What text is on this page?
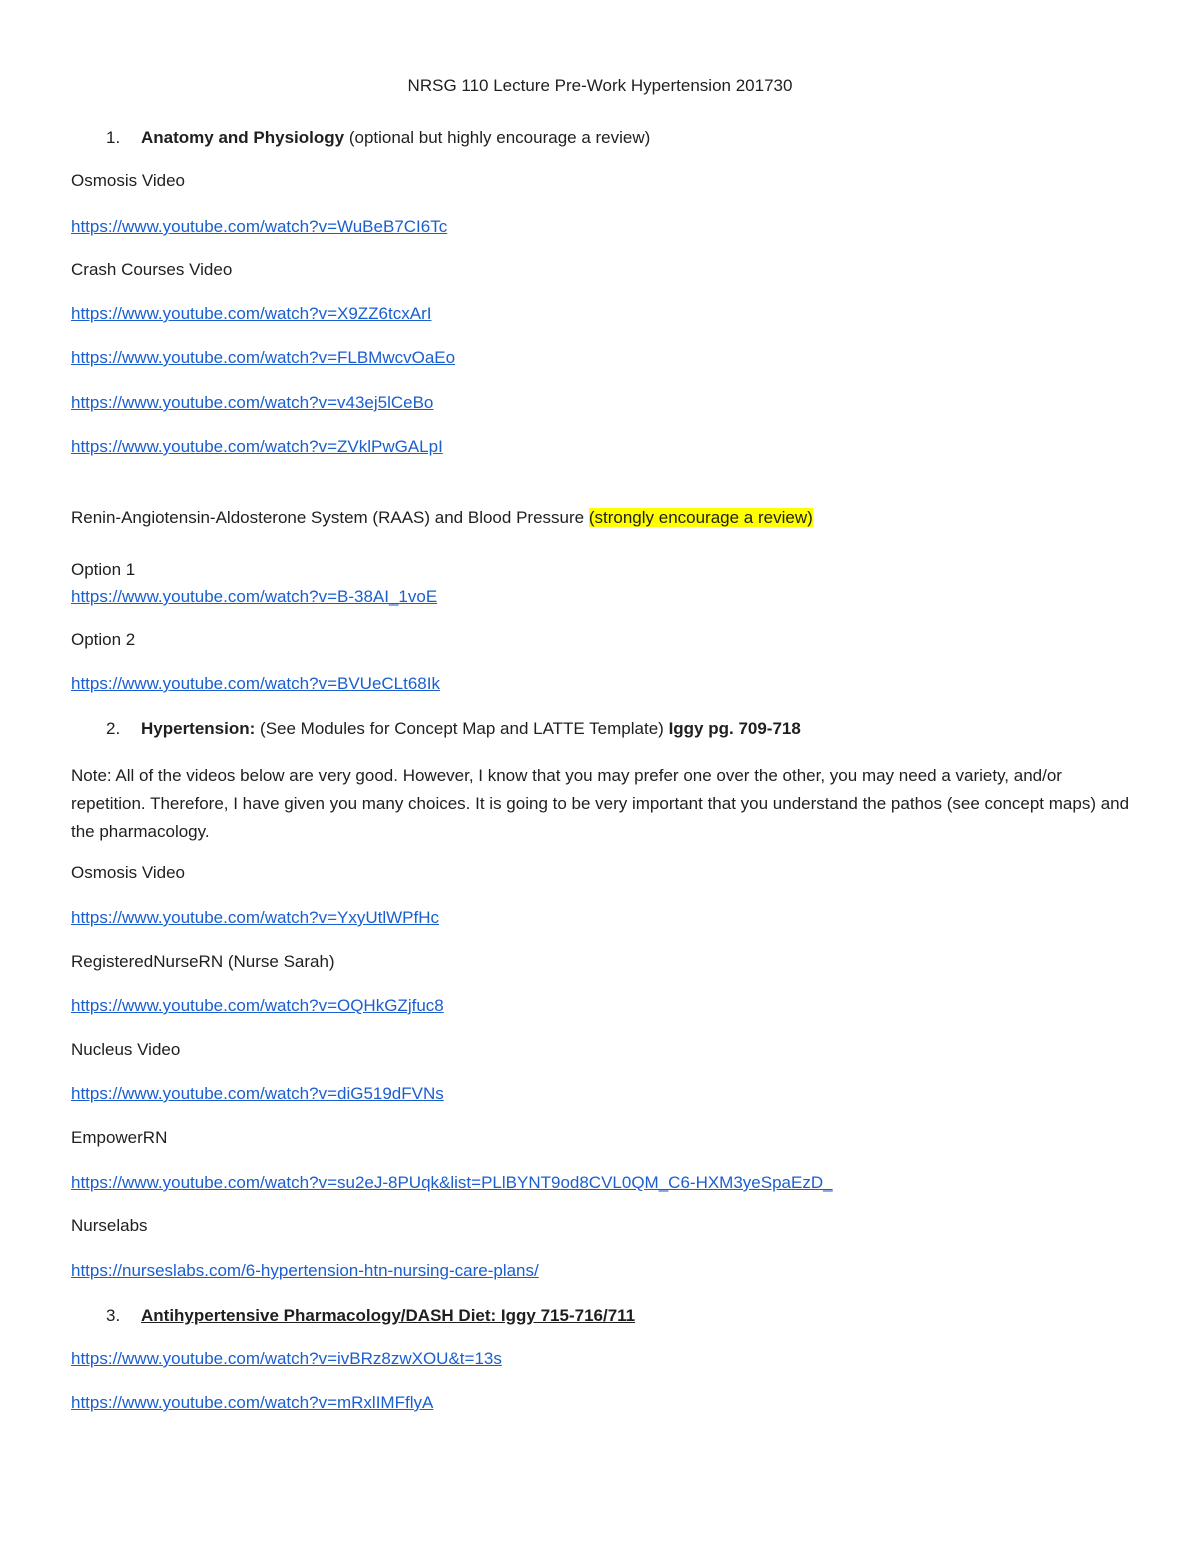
NRSG 110 Lecture Pre-Work Hypertension 201730
1. Anatomy and Physiology (optional but highly encourage a review)
Osmosis Video
https://www.youtube.com/watch?v=WuBeB7CI6Tc
Crash Courses Video
https://www.youtube.com/watch?v=X9ZZ6tcxArI
https://www.youtube.com/watch?v=FLBMwcvOaEo
https://www.youtube.com/watch?v=v43ej5lCeBo
https://www.youtube.com/watch?v=ZVklPwGALpI
Renin-Angiotensin-Aldosterone System (RAAS) and Blood Pressure (strongly encourage a review)
Option 1
https://www.youtube.com/watch?v=B-38AI_1voE
Option 2
https://www.youtube.com/watch?v=BVUeCLt68Ik
2. Hypertension: (See Modules for Concept Map and LATTE Template) Iggy pg. 709-718
Note: All of the videos below are very good. However, I know that you may prefer one over the other, you may need a variety, and/or repetition. Therefore, I have given you many choices. It is going to be very important that you understand the pathos (see concept maps) and the pharmacology.
Osmosis Video
https://www.youtube.com/watch?v=YxyUtlWPfHc
RegisteredNurseRN (Nurse Sarah)
https://www.youtube.com/watch?v=OQHkGZjfuc8
Nucleus Video
https://www.youtube.com/watch?v=diG519dFVNs
EmpowerRN
https://www.youtube.com/watch?v=su2eJ-8PUqk&list=PLlBYNT9od8CVL0QM_C6-HXM3yeSpaEzD_
Nurselabs
https://nurseslabs.com/6-hypertension-htn-nursing-care-plans/
3. Antihypertensive Pharmacology/DASH Diet: Iggy 715-716/711
https://www.youtube.com/watch?v=ivBRz8zwXOU&t=13s
https://www.youtube.com/watch?v=mRxlIMFflyA
